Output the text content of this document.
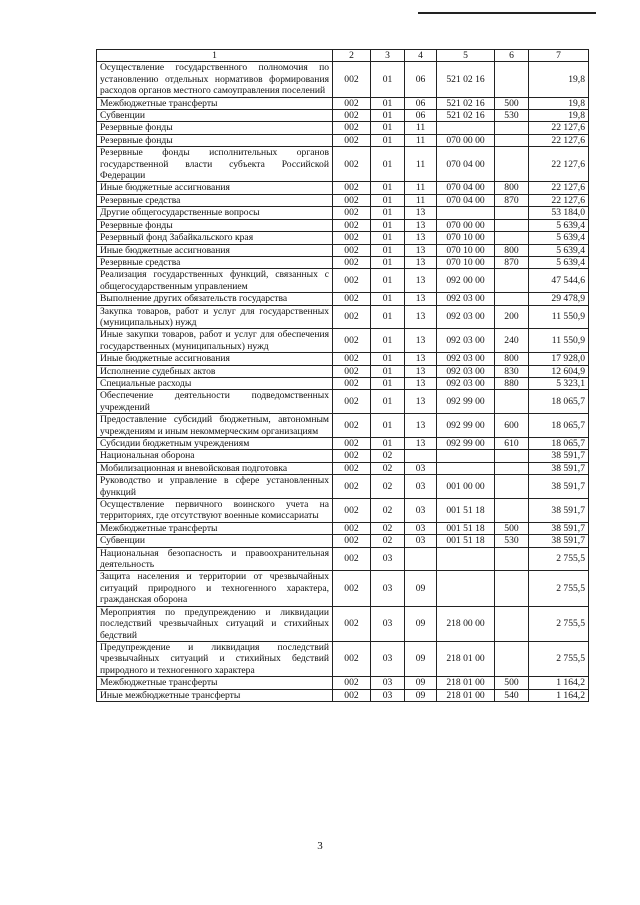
1	2	3	4	5	6	7
Осуществление государственного полномочия по установлению отдельных нормативов формирования расходов органов местного самоуправления поселений	002	01	06	521 02 16		19,8
Межбюджетные трансферты	002	01	06	521 02 16	500	19,8
Субвенции	002	01	06	521 02 16	530	19,8
Резервные фонды	002	01	11			22 127,6
Резервные фонды	002	01	11	070 00 00		22 127,6
Резервные фонды исполнительных органов государственной власти субъекта Российской Федерации	002	01	11	070 04 00		22 127,6
Иные бюджетные ассигнования	002	01	11	070 04 00	800	22 127,6
Резервные средства	002	01	11	070 04 00	870	22 127,6
Другие общегосударственные вопросы	002	01	13			53 184,0
Резервные фонды	002	01	13	070 00 00		5 639,4
Резервный фонд Забайкальского края	002	01	13	070 10 00		5 639,4
Иные бюджетные ассигнования	002	01	13	070 10 00	800	5 639,4
Резервные средства	002	01	13	070 10 00	870	5 639,4
Реализация государственных функций, связанных с общегосударственным управлением	002	01	13	092 00 00		47 544,6
Выполнение других обязательств государства	002	01	13	092 03 00		29 478,9
Закупка товаров, работ и услуг для государственных (муниципальных) нужд	002	01	13	092 03 00	200	11 550,9
Иные закупки товаров, работ и услуг для обеспечения государственных (муниципальных) нужд	002	01	13	092 03 00	240	11 550,9
Иные бюджетные ассигнования	002	01	13	092 03 00	800	17 928,0
Исполнение судебных актов	002	01	13	092 03 00	830	12 604,9
Специальные расходы	002	01	13	092 03 00	880	5 323,1
Обеспечение деятельности подведомственных учреждений	002	01	13	092 99 00		18 065,7
Предоставление субсидий бюджетным, автономным учреждениям и иным некоммерческим организациям	002	01	13	092 99 00	600	18 065,7
Субсидии бюджетным учреждениям	002	01	13	092 99 00	610	18 065,7
Национальная оборона	002	02				38 591,7
Мобилизационная и вневойсковая подготовка	002	02	03			38 591,7
Руководство и управление в сфере установленных функций	002	02	03	001 00 00		38 591,7
Осуществление первичного воинского учета на территориях, где отсутствуют военные комиссариаты	002	02	03	001 51 18		38 591,7
Межбюджетные трансферты	002	02	03	001 51 18	500	38 591,7
Субвенции	002	02	03	001 51 18	530	38 591,7
Национальная безопасность и правоохранительная деятельность	002	03				2 755,5
Защита населения и территории от чрезвычайных ситуаций природного и техногенного характера, гражданская оборона	002	03	09			2 755,5
Мероприятия по предупреждению и ликвидации последствий чрезвычайных ситуаций и стихийных бедствий	002	03	09	218 00 00		2 755,5
Предупреждение и ликвидация последствий чрезвычайных ситуаций и стихийных бедствий природного и техногенного характера	002	03	09	218 01 00		2 755,5
Межбюджетные трансферты	002	03	09	218 01 00	500	1 164,2
Иные межбюджетные трансферты	002	03	09	218 01 00	540	1 164,2
3
